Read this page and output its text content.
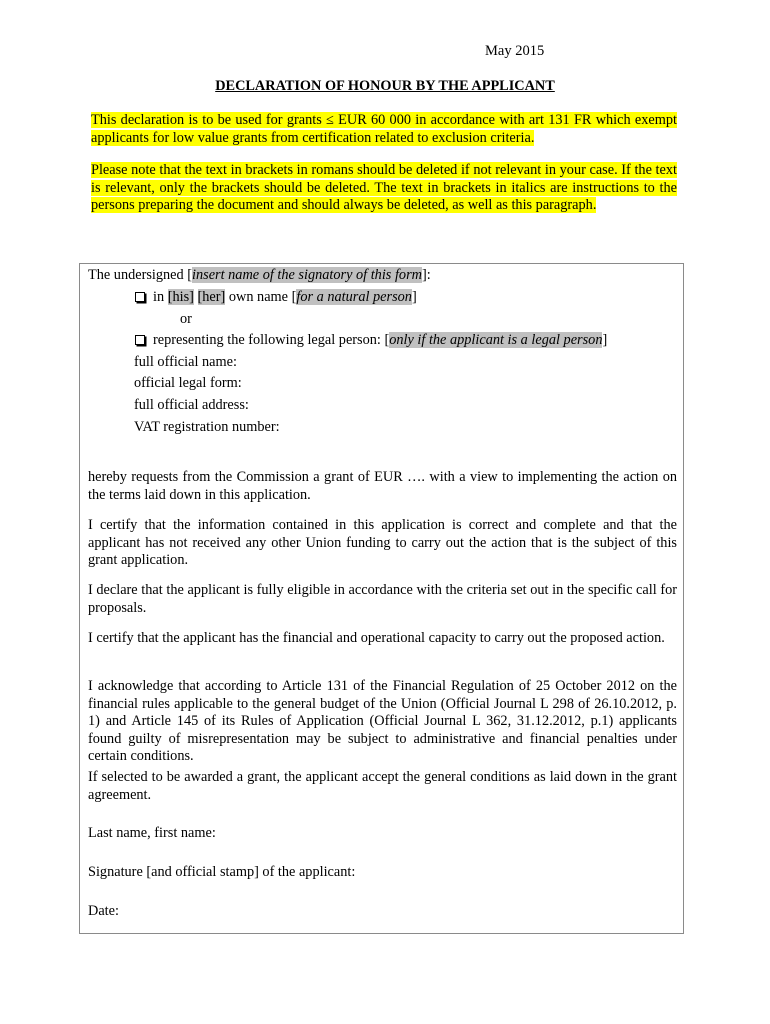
May 2015
DECLARATION OF HONOUR BY THE APPLICANT
This declaration is to be used for grants ≤ EUR 60 000 in accordance with art 131 FR which exempt applicants for low value grants from certification related to exclusion criteria.
Please note that the text in brackets in romans should be deleted if not relevant in your case. If the text is relevant, only the brackets should be deleted. The text in brackets in italics are instructions to the persons preparing the document and should always be deleted, as well as this paragraph.
The undersigned [insert name of the signatory of this form]:
in [his] [her] own name [for a natural person]
or
representing the following legal person: [only if the applicant is a legal person]
full official name:
official legal form:
full official address:
VAT registration number:
hereby requests from the Commission a grant of EUR …. with a view to implementing the action on the terms laid down in this application.
I certify that the information contained in this application is correct and complete and that the applicant has not received any other Union funding to carry out the action that is the subject of this grant application.
I declare that the applicant is fully eligible in accordance with the criteria set out in the specific call for proposals.
I certify that the applicant has the financial and operational capacity to carry out the proposed action.
I acknowledge that according to Article 131 of the Financial Regulation of 25 October 2012 on the financial rules applicable to the general budget of the Union (Official Journal L 298 of 26.10.2012, p. 1) and Article 145 of its Rules of Application (Official Journal L 362, 31.12.2012, p.1) applicants found guilty of misrepresentation may be subject to administrative and financial penalties under certain conditions.
If selected to be awarded a grant, the applicant accept the general conditions as laid down in the grant agreement.
Last name, first name:
Signature [and official stamp] of the applicant:
Date:
